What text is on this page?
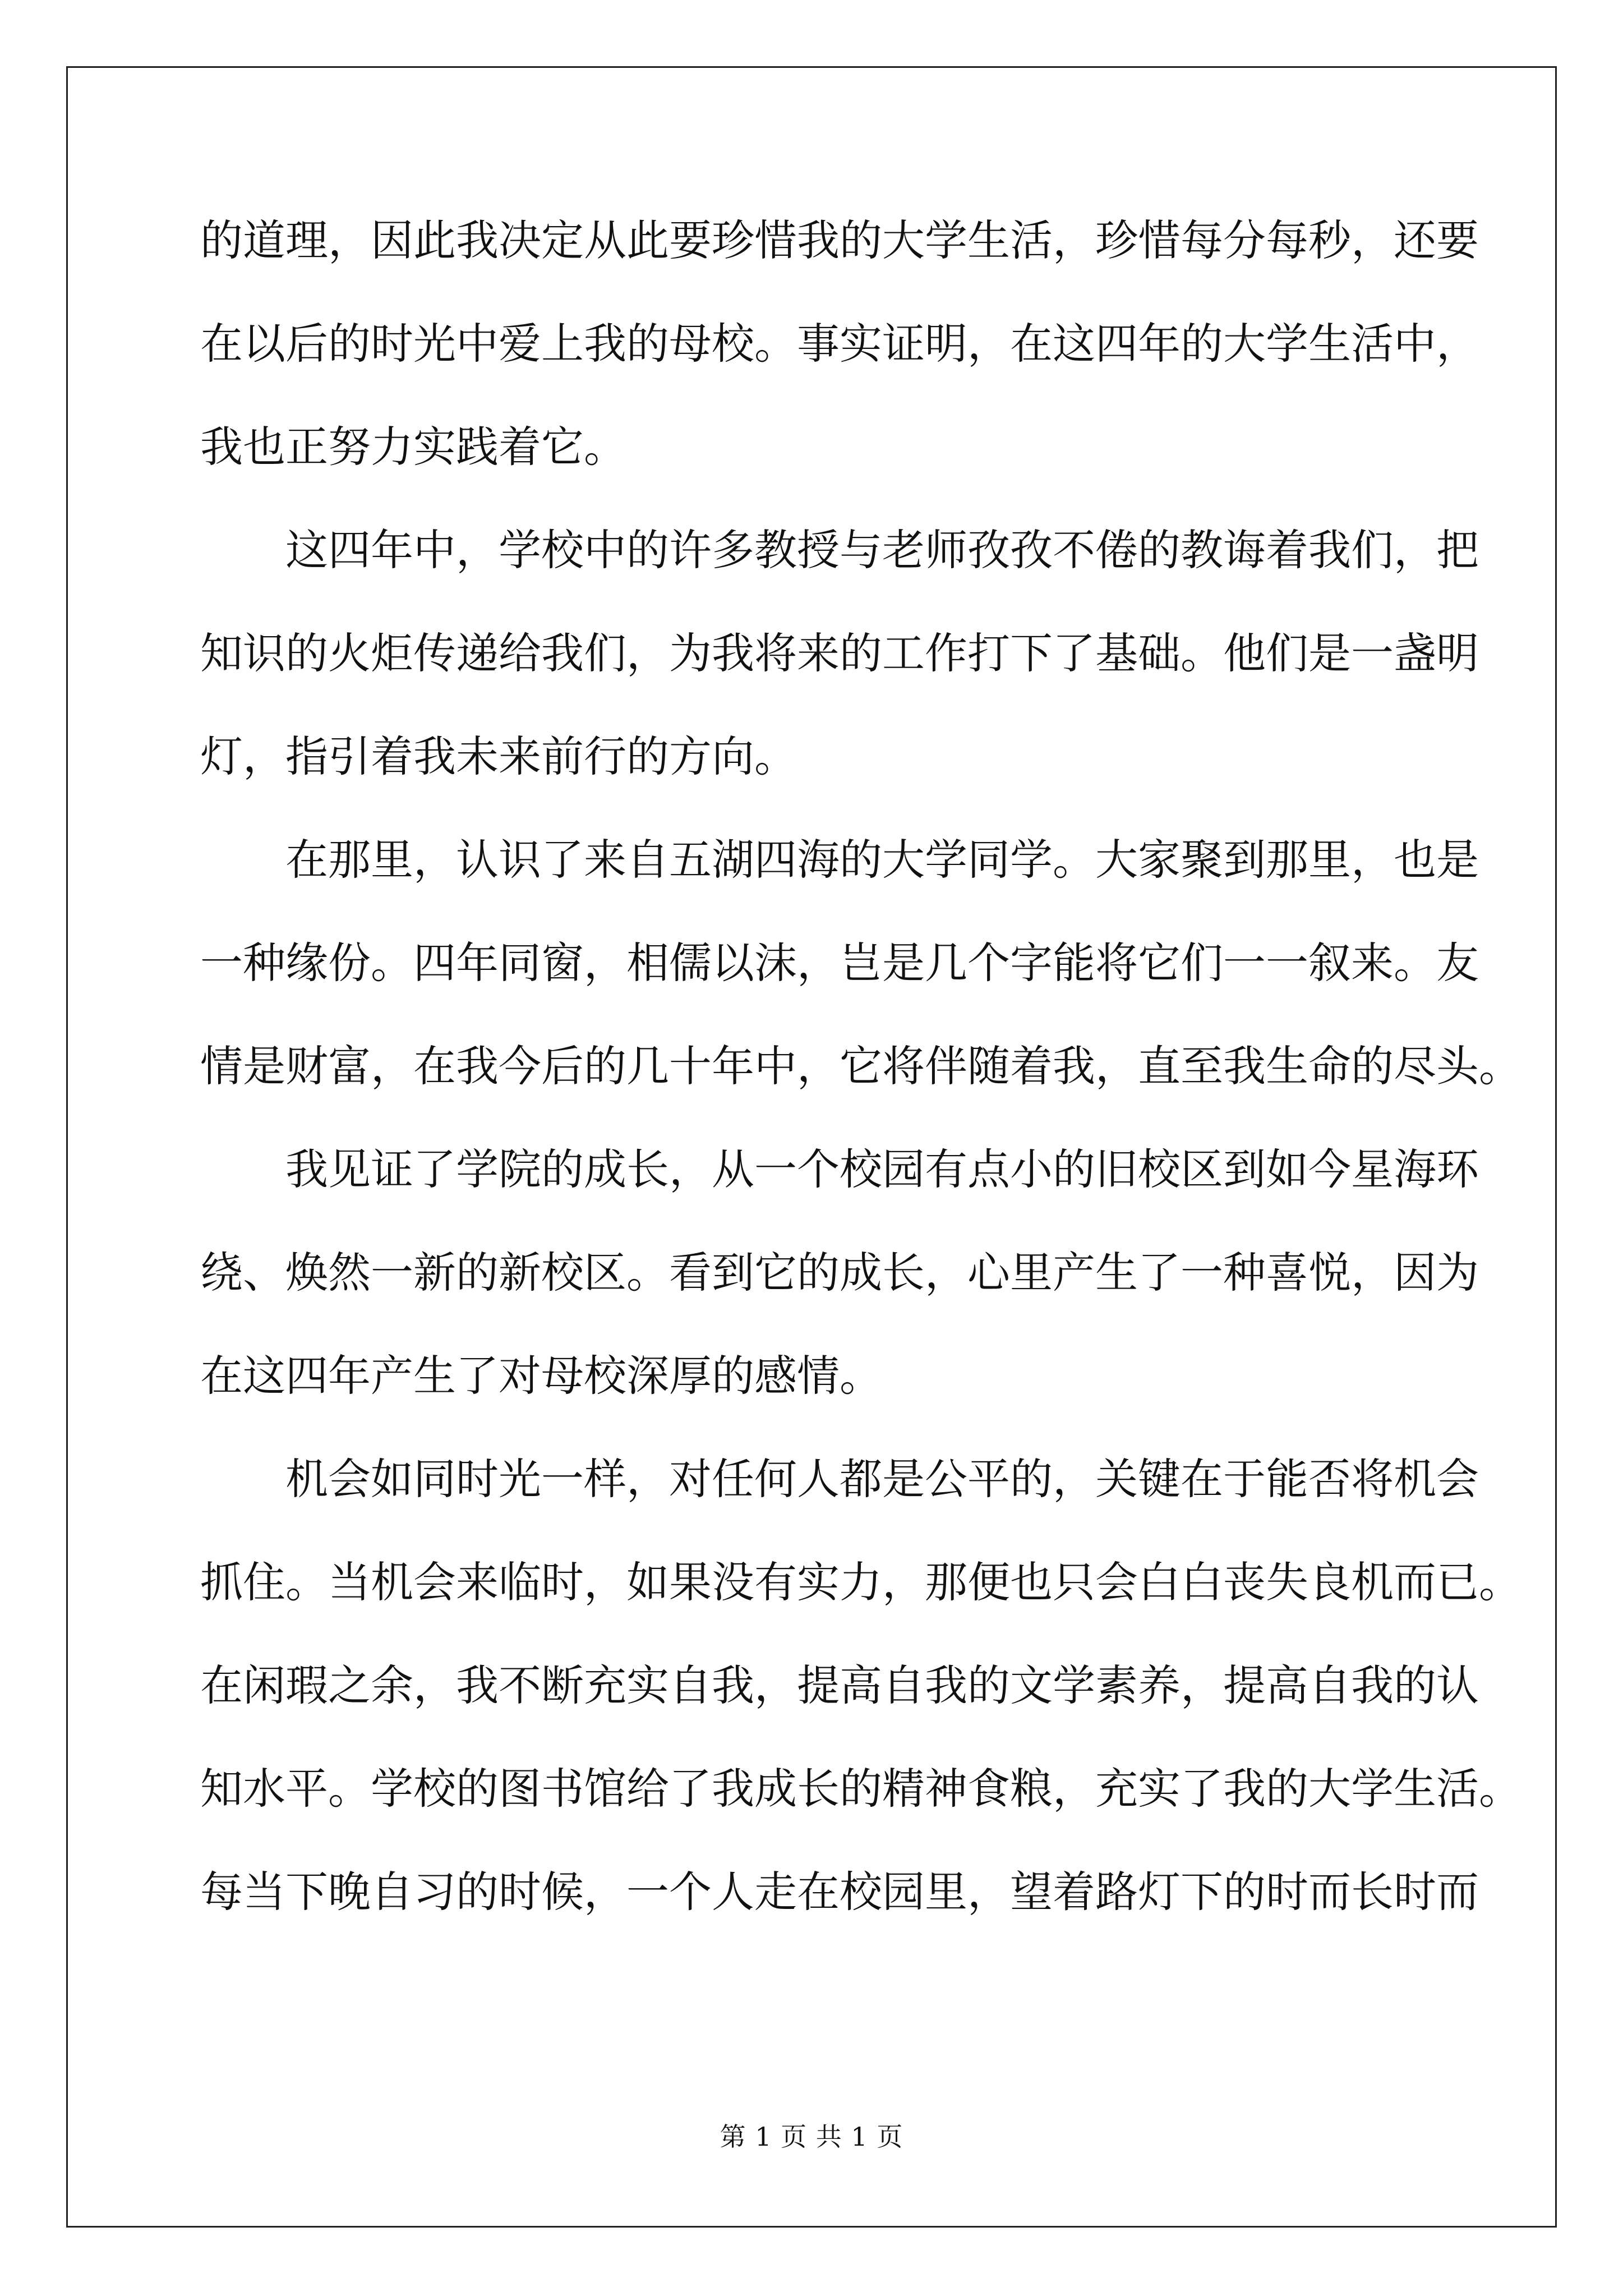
的道理，因此我决定从此要珍惜我的大学生活，珍惜每分每秒，还要
在以后的时光中爱上我的母校。事实证明，在这四年的大学生活中，
我也正努力实践着它。
这四年中，学校中的许多教授与老师孜孜不倦的教诲着我们，把
知识的火炬传递给我们，为我将来的工作打下了基础。他们是一盏明
灯，指引着我未来前行的方向。
在那里，认识了来自五湖四海的大学同学。大家聚到那里，也是
一种缘份。四年同窗，相儒以沫，岂是几个字能将它们一一叙来。友
情是财富，在我今后的几十年中，它将伴随着我，直至我生命的尽头。
我见证了学院的成长，从一个校园有点小的旧校区到如今星海环
绕、焕然一新的新校区。看到它的成长，心里产生了一种喜悦，因为
在这四年产生了对母校深厚的感情。
机会如同时光一样，对任何人都是公平的，关键在于能否将机会
抓住。当机会来临时，如果没有实力，那便也只会白白丧失良机而已。
在闲瑕之余，我不断充实自我，提高自我的文学素养，提高自我的认
知水平。学校的图书馆给了我成长的精神食粮，充实了我的大学生活。
每当下晚自习的时候，一个人走在校园里，望着路灯下的时而长时而
第 1 页 共 1 页
